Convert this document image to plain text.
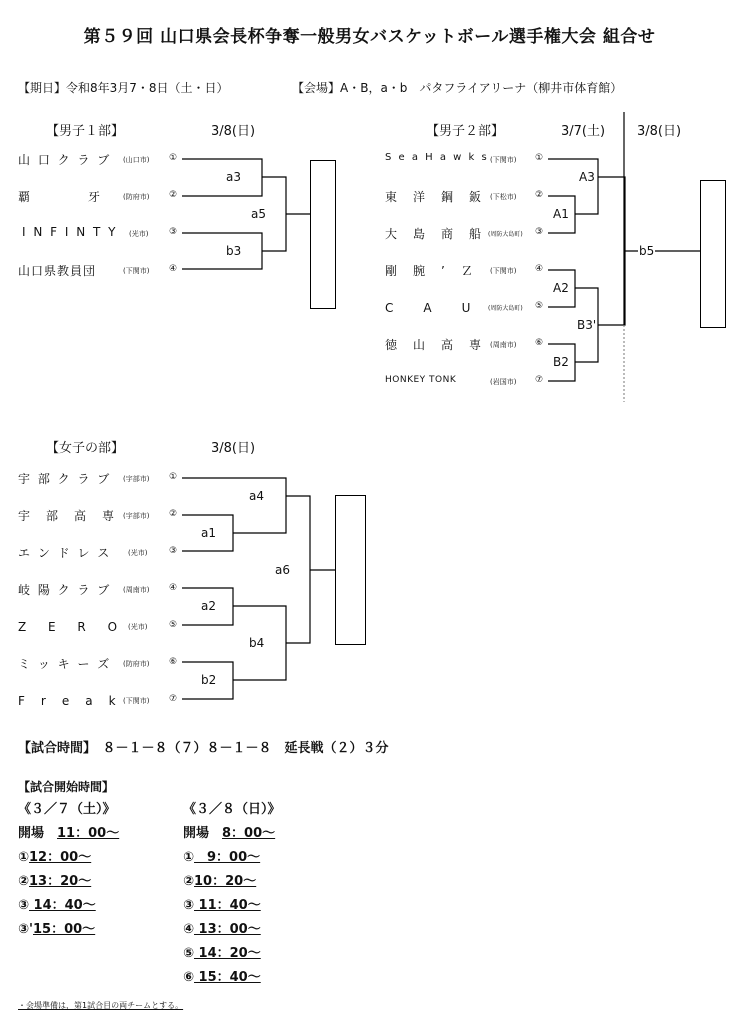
第５９回 山口県会長杯争奪一般男女バスケットボール選手権大会 組合せ
【期日】令和8年3月7・8日（土・日）	【会場】A・B，a・b　パタフライアリーナ（柳井市体育館）
【男子１部】	3/8(日)
山 口 ク ラ ブ (山口市) ①
覇　　　　牙	(防府市) ②
I N F I N T Y (光市) ③
山口県教員団	(下関市) ④
a3
b3
a5
【男子２部】	3/7(土) 3/8(日)
S e a H a w k s (下関市) ①
東　洋　鋼　鈑 (下松市) ②
大　島　商　船 (周防大島町) ③
剛　腕　’　Ｚ (下関市) ④
C　　A　　U	(周防大島町) ⑤
徳　山　高　専 (周南市) ⑥
HONKEY TONK	(岩国市) ⑦
A3
A1
A2
B3'
B2
b5
【女子の部】	3/8(日)
宇 部 ク ラ ブ (宇部市) ①
宇　部　高　専 (宇部市) ②
エ ン ド レ ス (光市) ③
岐 陽 ク ラ ブ (周南市) ④
Z　 E　 R　 O (光市) ⑤
ミ ッ キ ー ズ (防府市) ⑥
F　r　e　a　k (下関市) ⑦
a1
a4
a2
b2
b4
a6
【試合時間】　８－１－８（７）８－１－８　延長戦（２）３分
【試合開始時間】
《３／７（土）》	《３／８（日）》
開場　11：00～
①12：00～
②13：20～
③ 14：40～
③'15：00～
開場　8：00～
①　9：00～
②10：20～
③ 11：40～
④ 13：00～
⑤ 14：20～
⑥ 15：40～
・会場準備は，第1試合目の両チームとする。
